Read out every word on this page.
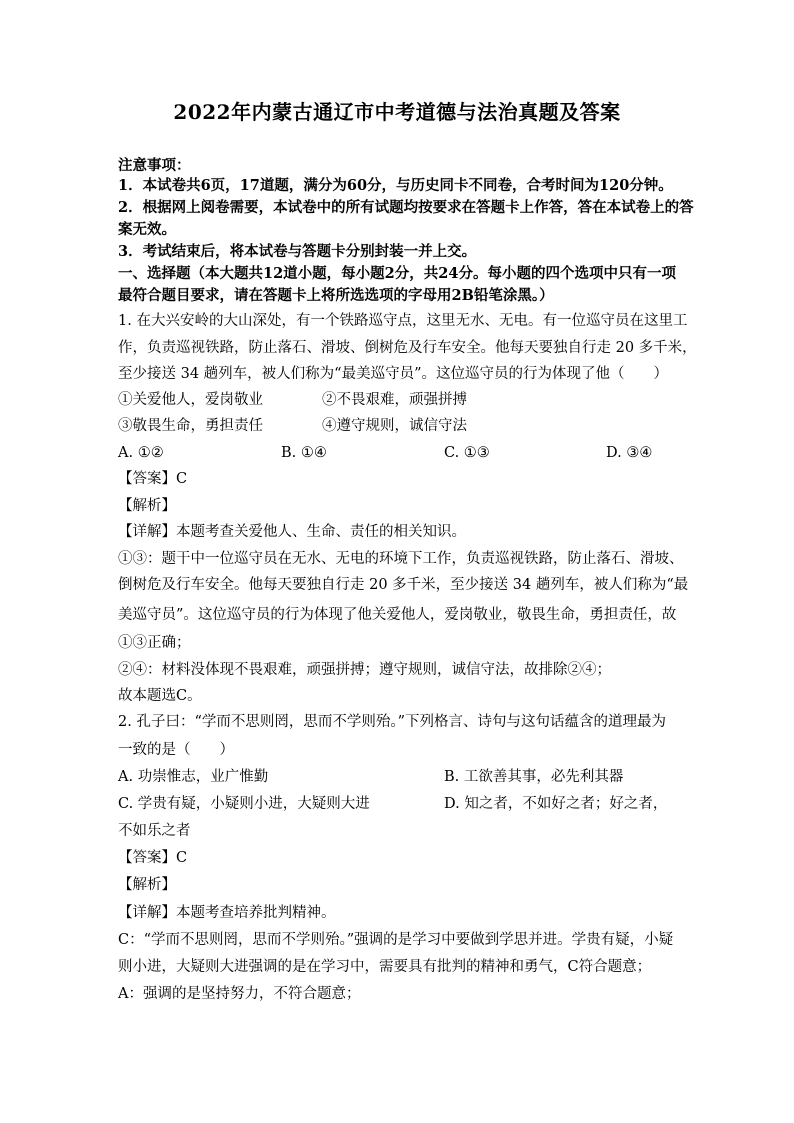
2022年内蒙古通辽市中考道德与法治真题及答案
注意事项：
1．本试卷共6页，17道题，满分为60分，与历史同卡不同卷，合考时间为120分钟。
2．根据网上阅卷需要，本试卷中的所有试题均按要求在答题卡上作答，答在本试卷上的答
案无效。
3．考试结束后，将本试卷与答题卡分别封装一并上交。
一、选择题（本大题共12道小题，每小题2分，共24分。每小题的四个选项中只有一项
最符合题目要求，请在答题卡上将所选选项的字母用2B铅笔涂黑。）
1. 在大兴安岭的大山深处，有一个铁路巡守点，这里无水、无电。有一位巡守员在这里工
作，负责巡视铁路，防止落石、滑坡、倒树危及行车安全。他每天要独自行走 20 多千米，
至少接送 34 趟列车，被人们称为“最美巡守员”。这位巡守员的行为体现了他（　　）
①关爱他人，爱岗敬业	②不畏艰难，顽强拼搏
③敬畏生命，勇担责任	④遵守规则，诚信守法
A. ①②	B. ①④	C. ①③	D. ③④
【答案】C
【解析】
【详解】本题考查关爱他人、生命、责任的相关知识。
①③：题干中一位巡守员在无水、无电的环境下工作，负责巡视铁路，防止落石、滑坡、
倒树危及行车安全。他每天要独自行走 20 多千米，至少接送 34 趟列车，被人们称为“最
美巡守员”。这位巡守员的行为体现了他关爱他人，爱岗敬业，敬畏生命，勇担责任，故
①③正确；
②④：材料没体现不畏艰难，顽强拼搏；遵守规则，诚信守法，故排除②④；
故本题选C。
2. 孔子曰：“学而不思则罔，思而不学则殆。”下列格言、诗句与这句话蕴含的道理最为
一致的是（　　）
A. 功崇惟志，业广惟勤	B. 工欲善其事，必先利其器
C. 学贵有疑，小疑则小进，大疑则大进	D. 知之者，不如好之者；好之者，
不如乐之者
【答案】C
【解析】
【详解】本题考查培养批判精神。
C：“学而不思则罔，思而不学则殆。”强调的是学习中要做到学思并进。学贵有疑，小疑
则小进，大疑则大进强调的是在学习中，需要具有批判的精神和勇气，C符合题意；
A：强调的是坚持努力，不符合题意；
